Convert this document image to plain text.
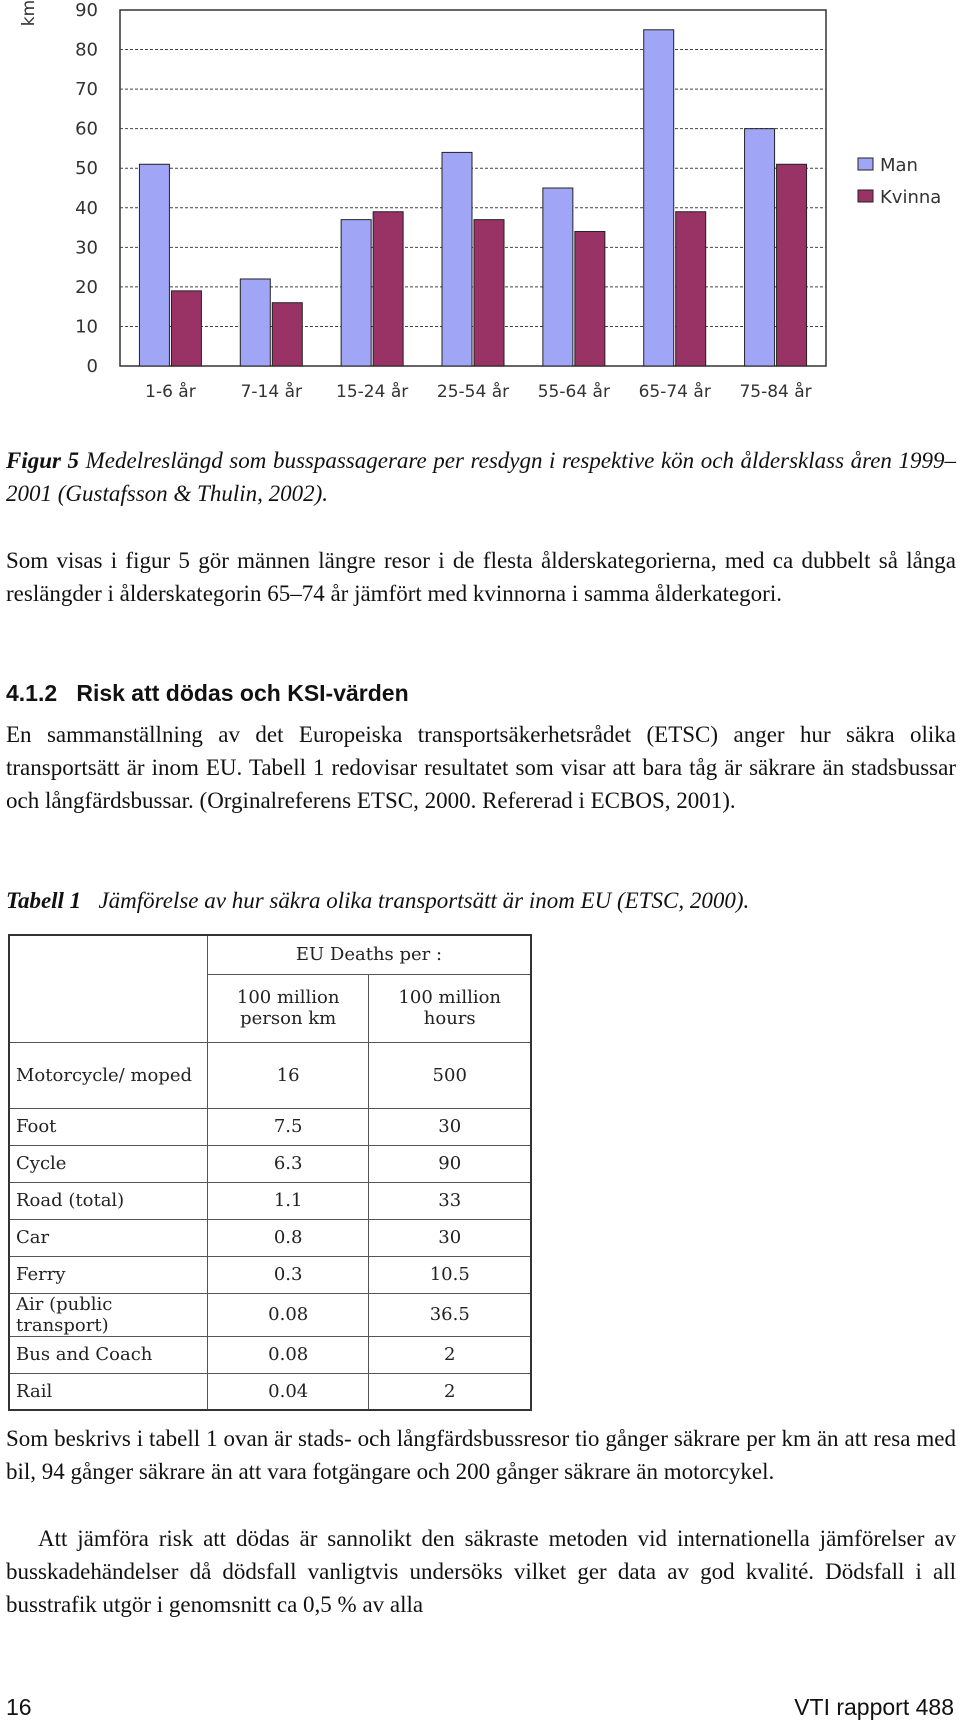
0
10
20
30
40
50
60
70
80
90
1-6 år	7-14 år 15-24 år 25-54 år 55-64 år 65-74 år 75-84 år
Man
Kvinna
km
Figur 5 Medelreslängd som busspassagerare per resdygn i respektive kön och åldersklass åren 1999–2001 (Gustafsson & Thulin, 2002).
Som visas i figur 5 gör männen längre resor i de flesta ålderskategorierna, med ca dubbelt så långa reslängder i ålderskategorin 65–74 år jämfört med kvinnorna i samma ålderkategori.
4.1.2 Risk att dödas och KSI-värden
En sammanställning av det Europeiska transportsäkerhetsrådet (ETSC) anger hur säkra olika transportsätt är inom EU. Tabell 1 redovisar resultatet som visar att bara tåg är säkrare än stadsbussar och långfärdsbussar. (Orginalreferens ETSC, 2000. Refererad i ECBOS, 2001).
Tabell 1 Jämförelse av hur säkra olika transportsätt är inom EU (ETSC, 2000).
	EU Deaths per :	
	100 million person km	100 million hours
Motorcycle/ moped	16	500
Foot	7.5	30
Cycle	6.3	90
Road (total)	1.1	33
Car	0.8	30
Ferry	0.3	10.5
Air (public transport)	0.08	36.5
Bus and Coach	0.08	2
Rail	0.04	2
Som beskrivs i tabell 1 ovan är stads- och långfärdsbussresor tio gånger säkrare per km än att resa med bil, 94 gånger säkrare än att vara fotgängare och 200 gånger säkrare än motorcykel.
Att jämföra risk att dödas är sannolikt den säkraste metoden vid internationella jämförelser av busskadehändelser då dödsfall vanligtvis undersöks vilket ger data av god kvalité. Dödsfall i all busstrafik utgör i genomsnitt ca 0,5 % av alla
16	VTI rapport 488
